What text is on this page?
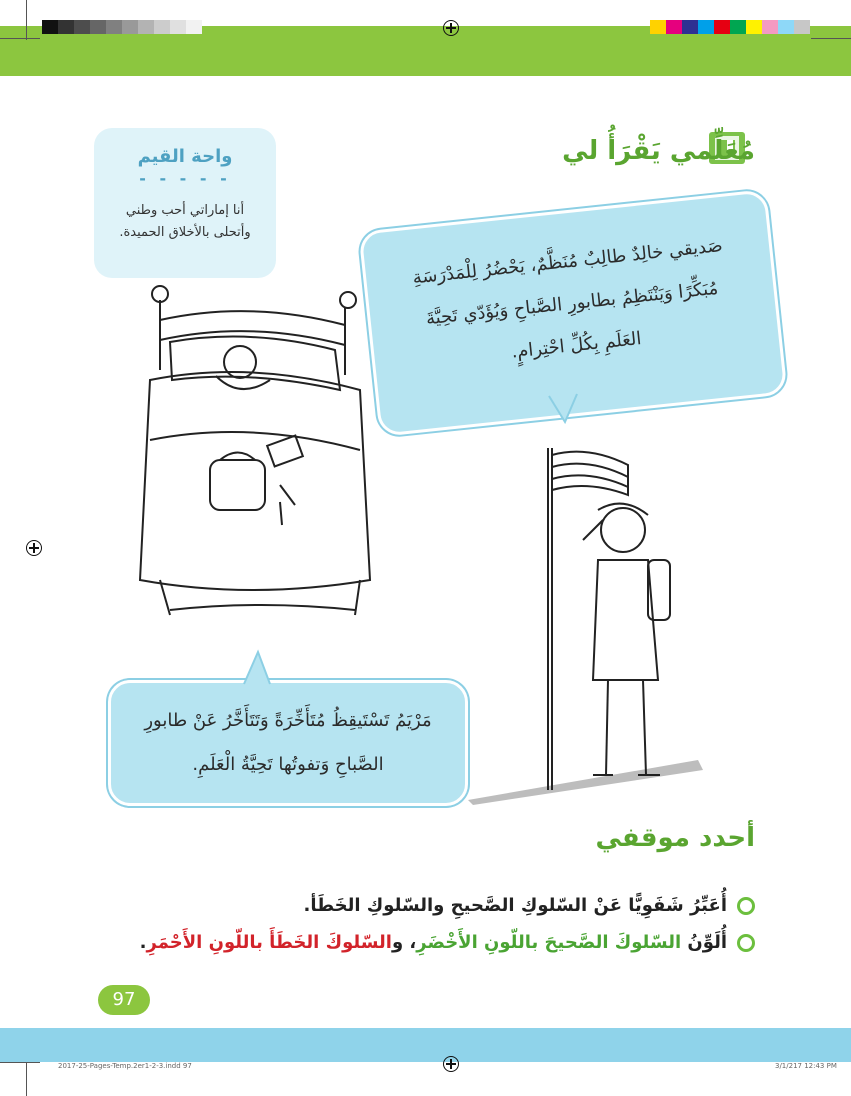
مُعَلِّمي يَقْرَأُ لي
واحة القيم
- - - - -
أنا إماراتي أحب وطني
وأتحلى بالأخلاق الحميدة.

صَديقي خالِدٌ طالِبٌ مُنَظَّمٌ، يَحْضُرُ لِلْمَدْرَسَةِ
مُبَكِّرًا وَيَنْتَظِمُ بطابورِ الصَّباحِ وَيُؤَدّي تَحِيَّةَ
العَلَمِ بِكُلِّ احْتِرامٍ.

مَرْيَمُ تَسْتَيقِظُ مُتَأَخِّرَةً وَتَتَأَخَّرُ عَنْ طابورِ
الصَّباحِ وَتفوتُها تَحِيَّةُ الْعَلَمِ.

أحدد موقفي
أُعَبِّرُ شَفَوِيًّا عَنْ السّلوكِ الصَّحيحِ والسّلوكِ الخَطَأ.
أُلَوِّنُ السّلوكَ الصَّحيحَ باللّونِ الأَخْضَرِ، والسّلوكَ الخَطَأَ باللّونِ الأَحْمَرِ.
97
2017-25-Pages-Temp.2er1-2-3.indd 97	3/1/217 12:43 PM
